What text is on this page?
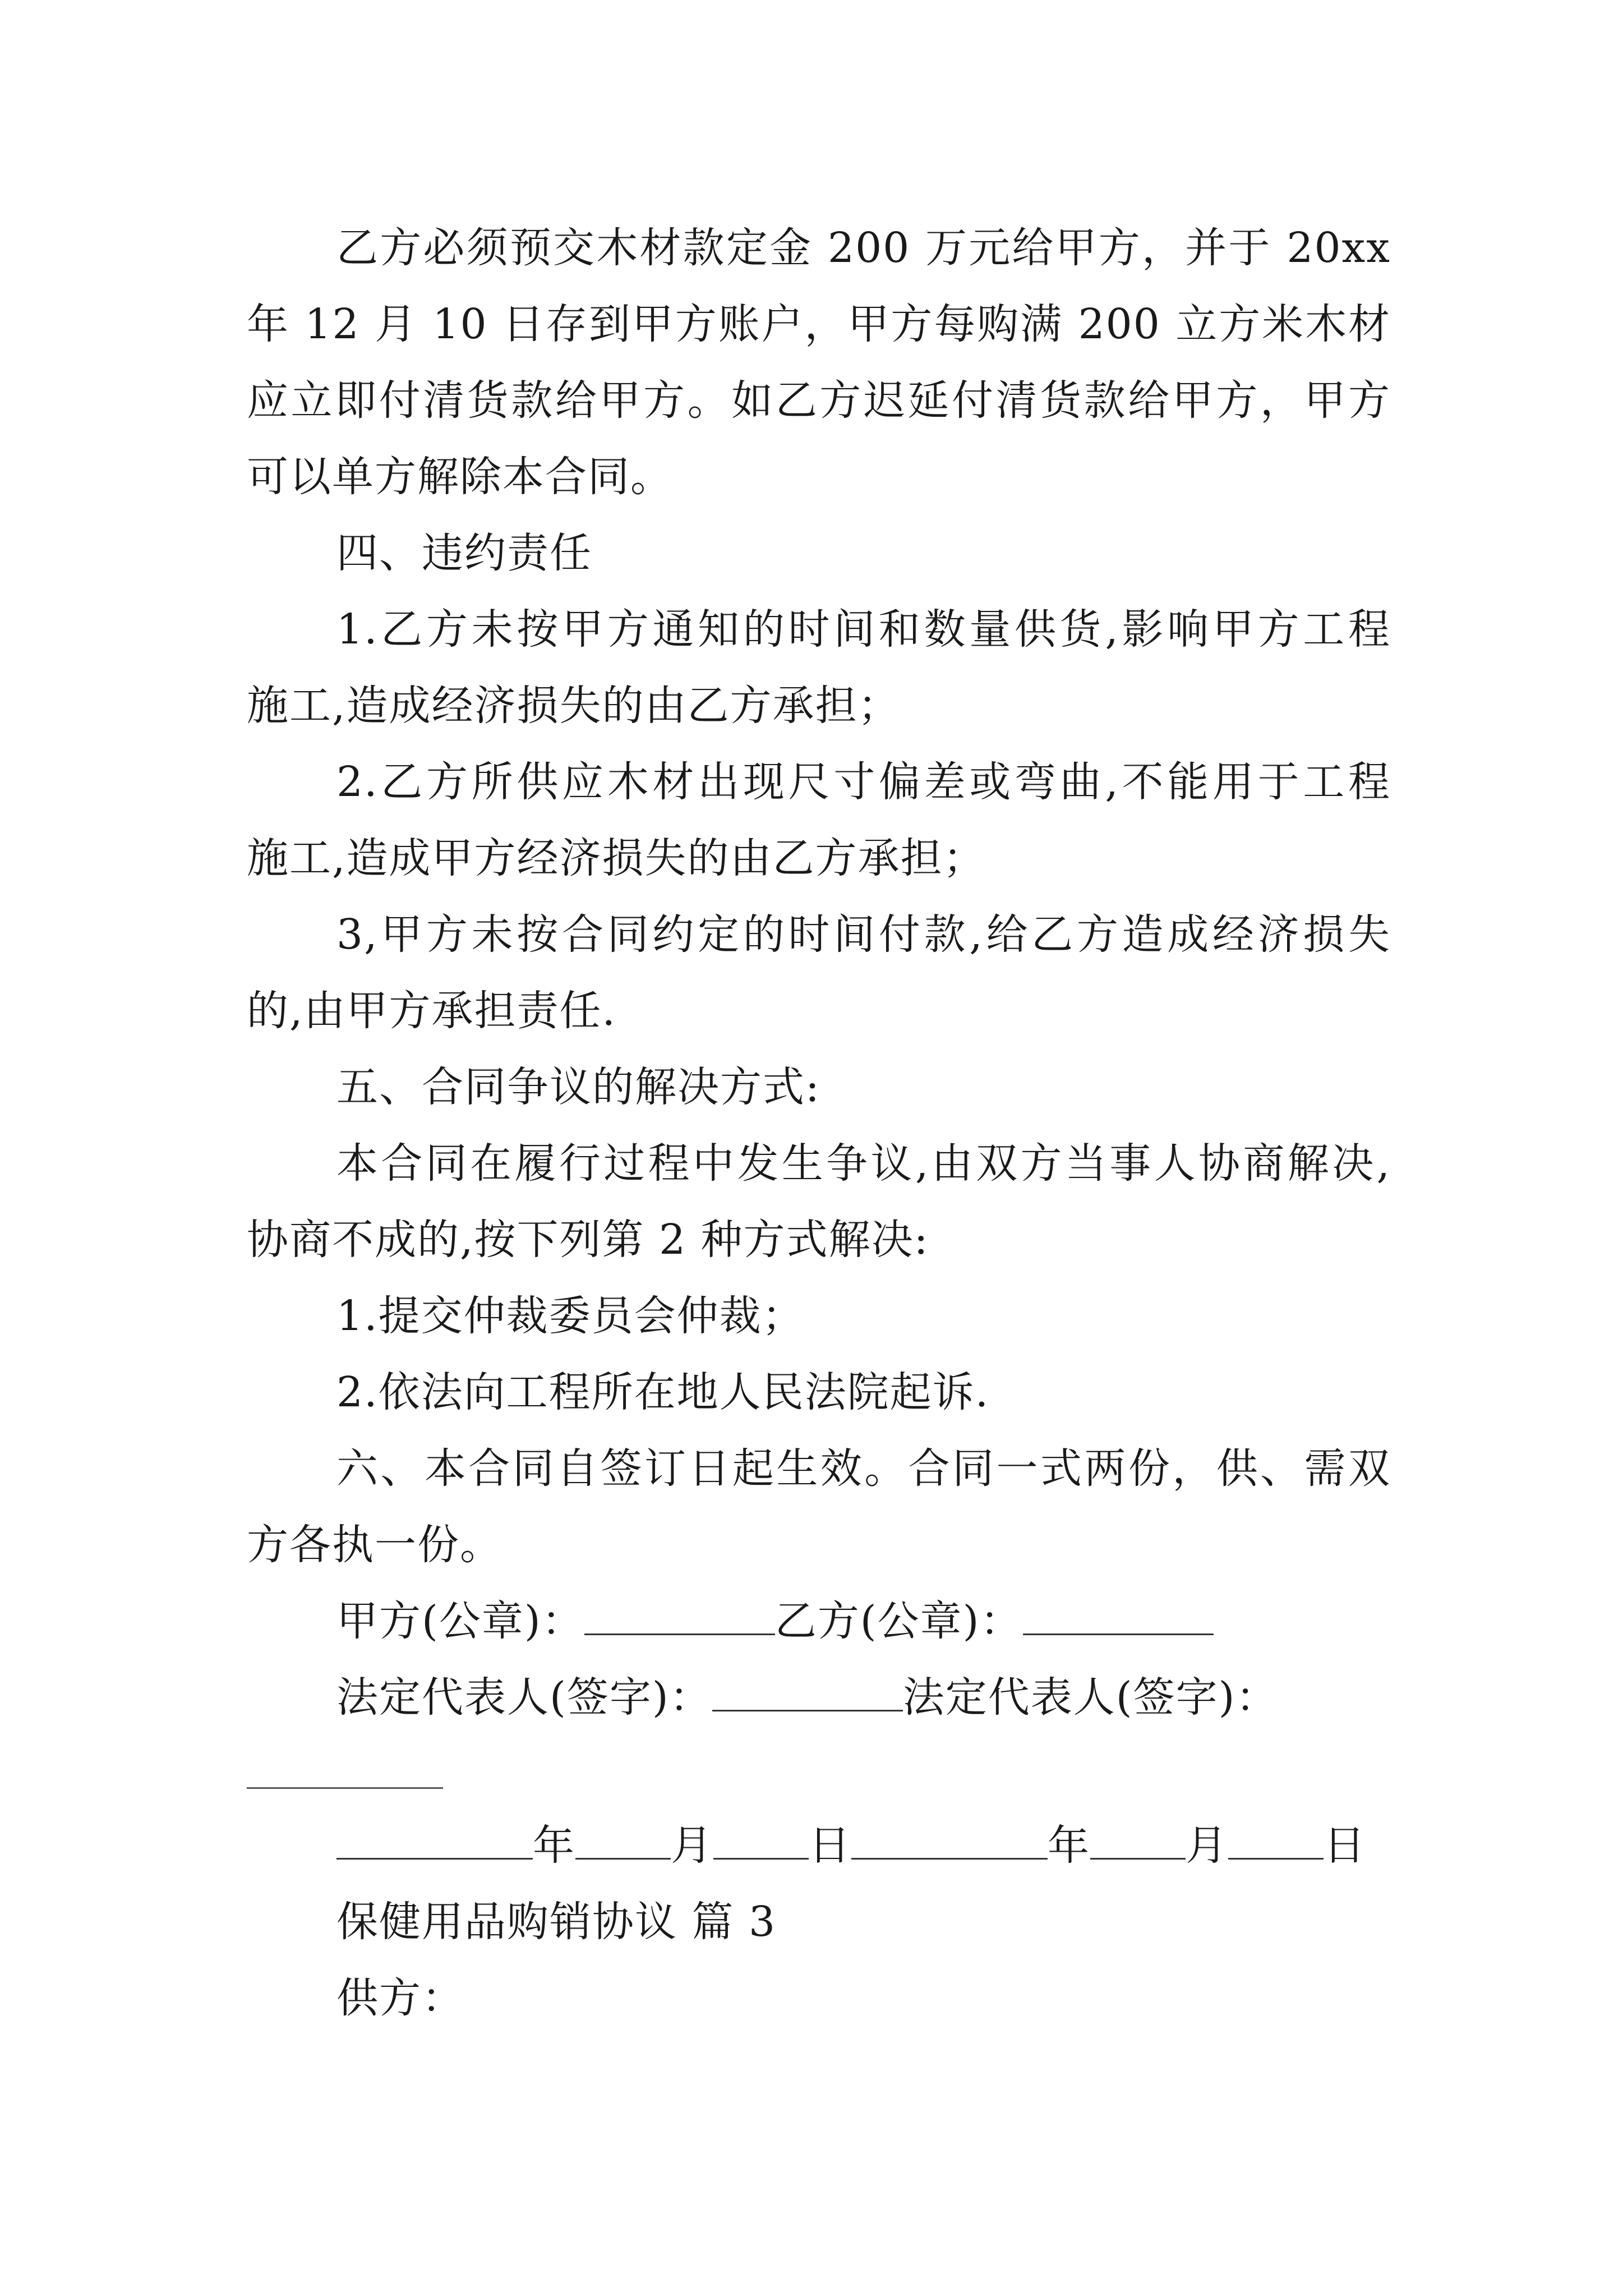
乙方必须预交木材款定金 200 万元给甲方，并于 20xx
年 12 月 10 日存到甲方账户，甲方每购满 200 立方米木材
应立即付清货款给甲方。如乙方迟延付清货款给甲方，甲方
可以单方解除本合同。
四、违约责任
1.乙方未按甲方通知的时间和数量供货,影响甲方工程
施工,造成经济损失的由乙方承担；
2.乙方所供应木材出现尺寸偏差或弯曲,不能用于工程
施工,造成甲方经济损失的由乙方承担；
3,甲方未按合同约定的时间付款,给乙方造成经济损失
的,由甲方承担责任.
五、合同争议的解决方式:
本合同在履行过程中发生争议,由双方当事人协商解决,
协商不成的,按下列第 2 种方式解决:
1.提交仲裁委员会仲裁；
2.依法向工程所在地人民法院起诉.
六、本合同自签订日起生效。合同一式两份，供、需双
方各执一份。
甲方(公章)：	乙方(公章)：
法定代表人(签字)：	法定代表人(签字)：
年 月 日	年 月 日
保健用品购销协议 篇 3
供方：
